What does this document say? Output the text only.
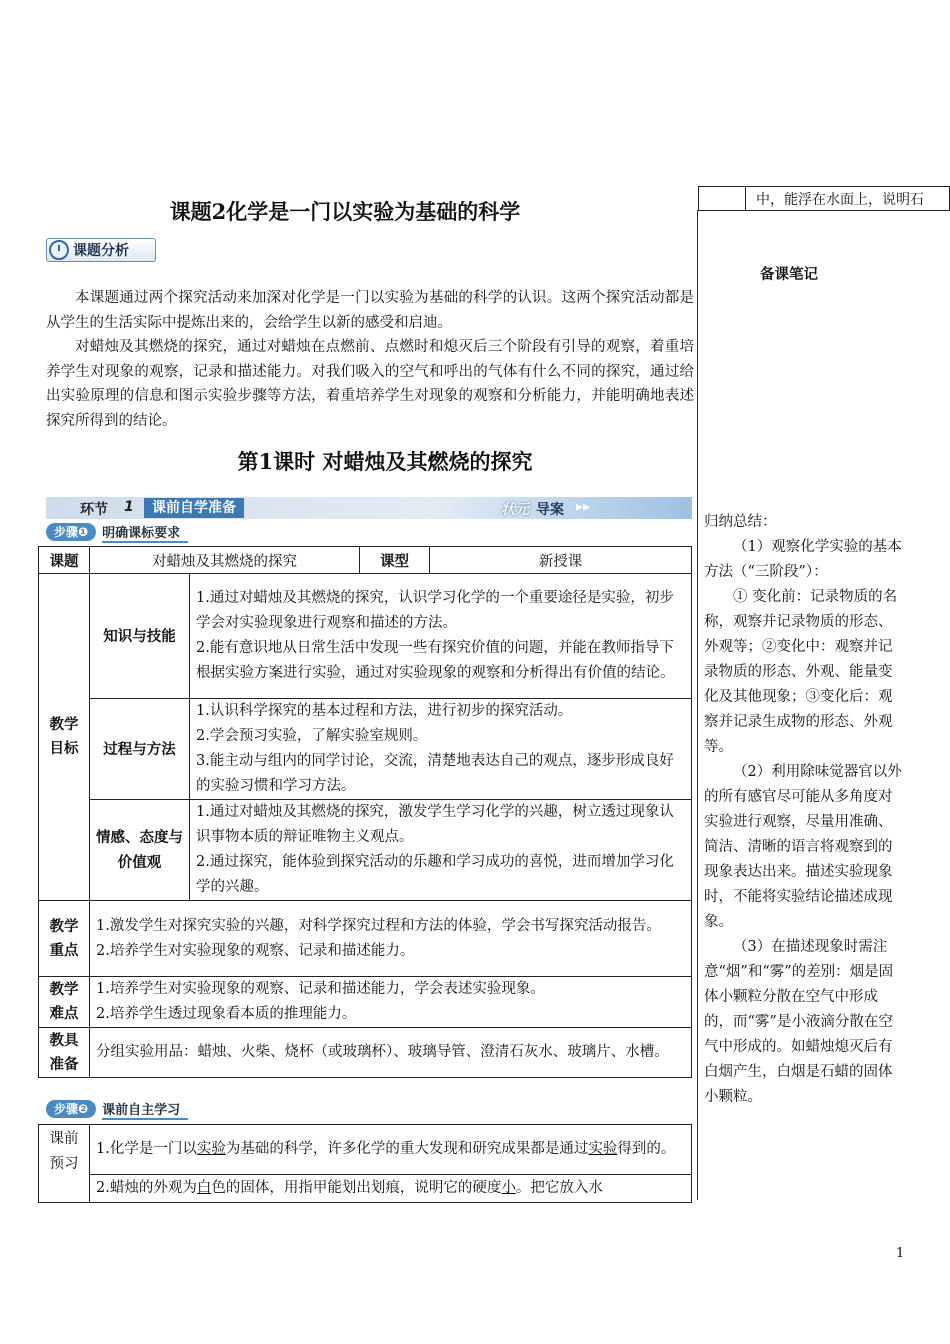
	中，能浮在水面上，说明石
课题2化学是一门以实验为基础的科学
课题分析
本课题通过两个探究活动来加深对化学是一门以实验为基础的科学的认识。这两个探究活动都是从学生的生活实际中提炼出来的，会给学生以新的感受和启迪。
对蜡烛及其燃烧的探究，通过对蜡烛在点燃前、点燃时和熄灭后三个阶段有引导的观察，着重培养学生对现象的观察，记录和描述能力。对我们吸入的空气和呼出的气体有什么不同的探究，通过给出实验原理的信息和图示实验步骤等方法，着重培养学生对现象的观察和分析能力，并能明确地表述探究所得到的结论。
第1课时 对蜡烛及其燃烧的探究
环节 1	课前自学准备	状元 导案 ▸▸
步骤❶	明确课标要求
课题	对蜡烛及其燃烧的探究		课型	新授课
教学目标	知识与技能	1.通过对蜡烛及其燃烧的探究，认识学习化学的一个重要途径是实验，初步学会对实验现象进行观察和描述的方法。
2.能有意识地从日常生活中发现一些有探究价值的问题，并能在教师指导下根据实验方案进行实验，通过对实验现象的观察和分析得出有价值的结论。		

	过程与方法	1.认识科学探究的基本过程和方法，进行初步的探究活动。
2.学会预习实验，了解实验室规则。
3.能主动与组内的同学讨论，交流，清楚地表达自己的观点，逐步形成良好的实验习惯和学习方法。		

	情感、态度与价值观	1.通过对蜡烛及其燃烧的探究，激发学生学习化学的兴趣，树立透过现象认识事物本质的辩证唯物主义观点。
2.通过探究，能体验到探究活动的乐趣和学习成功的喜悦，进而增加学习化学的兴趣。		

教学重点	1.激发学生对探究实验的兴趣，对科学探究过程和方法的体验，学会书写探究活动报告。
2.培养学生对实验现象的观察、记录和描述能力。			

教学难点	1.培养学生对实验现象的观察、记录和描述能力，学会表述实验现象。
2.培养学生透过现象看本质的推理能力。			

教具准备	分组实验用品：蜡烛、火柴、烧杯（或玻璃杯）、玻璃导管、澄清石灰水、玻璃片、水槽。			
步骤❷	课前自主学习
课前预习	1.化学是一门以实验为基础的科学，许多化学的重大发现和研究成果都是通过实验得到的。
2.蜡烛的外观为白色的固体，用指甲能划出划痕，说明它的硬度小。把它放入水
备课笔记

归纳总结：

（1）观察化学实验的基本方法（“三阶段”）：

① 变化前：记录物质的名称，观察并记录物质的形态、外观等；②变化中：观察并记录物质的形态、外观、能量变化及其他现象；③变化后：观察并记录生成物的形态、外观等。

（2）利用除味觉器官以外的所有感官尽可能从多角度对实验进行观察，尽量用准确、简洁、清晰的语言将观察到的现象表达出来。描述实验现象时，不能将实验结论描述成现象。

（3）在描述现象时需注意“烟”和“雾”的差别：烟是固体小颗粒分散在空气中形成的，而“雾”是小液滴分散在空气中形成的。如蜡烛熄灭后有白烟产生，白烟是石蜡的固体小颗粒。

1
